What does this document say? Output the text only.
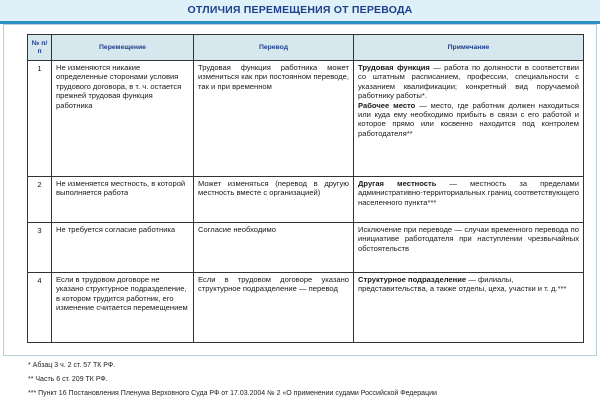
ОТЛИЧИЯ ПЕРЕМЕЩЕНИЯ ОТ ПЕРЕВОДА
№ п/п	Перемещение	Перевод	Примечание
1	Не изменяются никакие определенные сторонами условия трудового договора, в т. ч. остается прежней трудовая функция работника	Трудовая функция работника может измениться как при постоянном переводе, так и при временном	Трудовая функция — работа по должности в соответствии со штатным расписанием, профессии, специальности с указанием квалификации; конкретный вид поручаемой работнику работы*.
Рабочее место — место, где работник должен находиться или куда ему необходимо прибыть в связи с его работой и которое прямо или косвенно находится под контролем работодателя**
2	Не изменяется местность, в которой выполняется работа	Может изменяться (перевод в другую местность вместе с организацией)	Другая местность — местность за пределами административно-территориальных границ соответствующего населенного пункта***
3	Не требуется согласие работника	Согласие необходимо	Исключение при переводе — случаи временного перевода по инициативе работодателя при наступлении чрезвычайных обстоятельств
4	Если в трудовом договоре не указано структурное подразделение, в котором трудится работник, его изменение считается перемещением	Если в трудовом договоре указано структурное подразделение — перевод	Структурное подразделение — филиалы, представительства, а также отделы, цеха, участки и т. д.***
* Абзац 3 ч. 2 ст. 57 ТК РФ.
** Часть 6 ст. 209 ТК РФ.
*** Пункт 16 Постановления Пленума Верховного Суда РФ от 17.03.2004 № 2 «О применении судами Российской Федерации
